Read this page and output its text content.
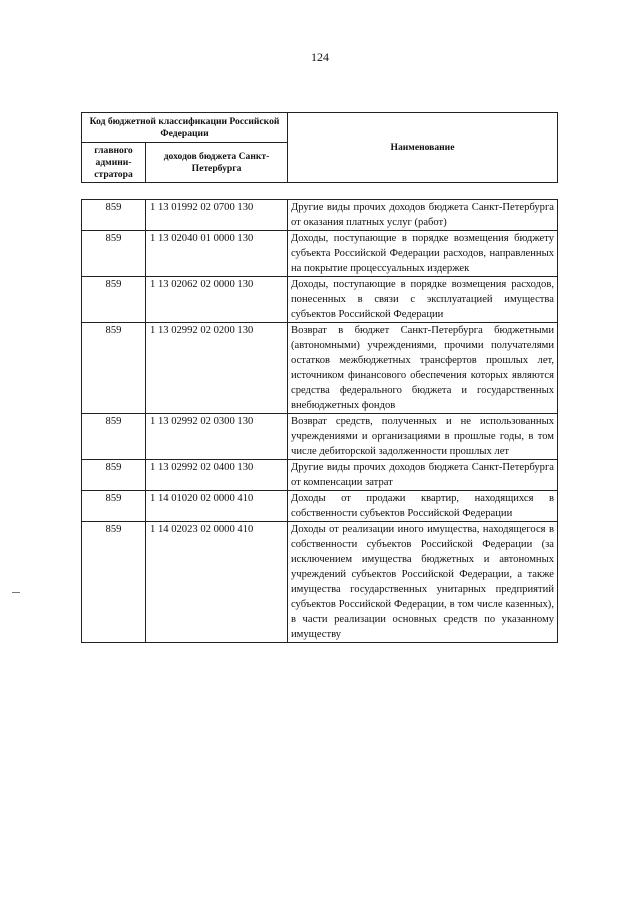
124
Код бюджетной классификации Российской Федерации		Наименование
главного админи-стратора	доходов бюджета Санкт-Петербурга	
859	1 13 01992 02 0700 130	Другие виды прочих доходов бюджета Санкт-Петербурга от оказания платных услуг (работ)
859	1 13 02040 01 0000 130	Доходы, поступающие в порядке возмещения бюджету субъекта Российской Федерации расходов, направленных на покрытие процессуальных издержек
859	1 13 02062 02 0000 130	Доходы, поступающие в порядке возмещения расходов, понесенных в связи с эксплуатацией имущества субъектов Российской Федерации
859	1 13 02992 02 0200 130	Возврат в бюджет Санкт-Петербурга бюджетными (автономными) учреждениями, прочими получателями остатков межбюджетных трансфертов прошлых лет, источником финансового обеспечения которых являются средства федерального бюджета и государственных внебюджетных фондов
859	1 13 02992 02 0300 130	Возврат средств, полученных и не использованных учреждениями и организациями в прошлые годы, в том числе дебиторской задолженности прошлых лет
859	1 13 02992 02 0400 130	Другие виды прочих доходов бюджета Санкт-Петербурга от компенсации затрат
859	1 14 01020 02 0000 410	Доходы от продажи квартир, находящихся в собственности субъектов Российской Федерации
859	1 14 02023 02 0000 410	Доходы от реализации иного имущества, находящегося в собственности субъектов Российской Федерации (за исключением имущества бюджетных и автономных учреждений субъектов Российской Федерации, а также имущества государственных унитарных предприятий субъектов Российской Федерации, в том числе казенных), в части реализации основных средств по указанному имуществу
